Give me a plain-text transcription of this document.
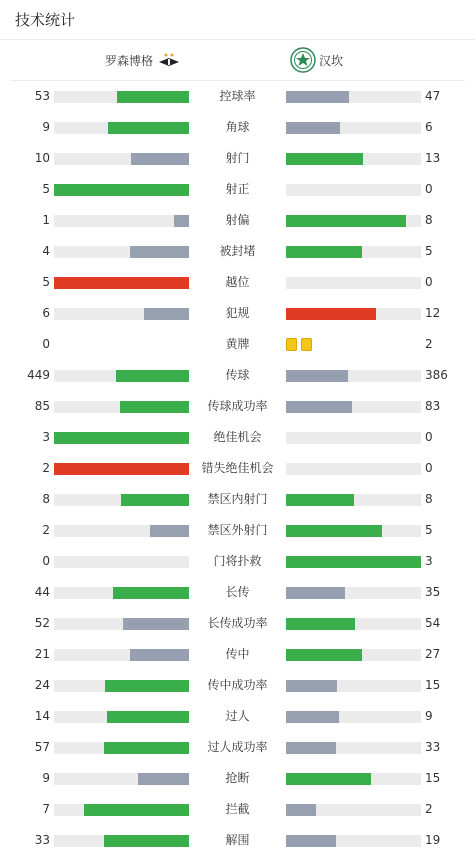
技术统计
罗森博格	汉坎
53	控球率	47
9	角球	6
10	射门	13
5	射正	0
1	射偏	8
4	被封堵	5
5	越位	0
6	犯规	12
0	黄牌	2
449	传球	386
85	传球成功率	83
3	绝佳机会	0
2	错失绝佳机会	0
8	禁区内射门	8
2	禁区外射门	5
0	门将扑救	3
44	长传	35
52	长传成功率	54
21	传中	27
24	传中成功率	15
14	过人	9
57	过人成功率	33
9	抢断	15
7	拦截	2
33	解围	19
